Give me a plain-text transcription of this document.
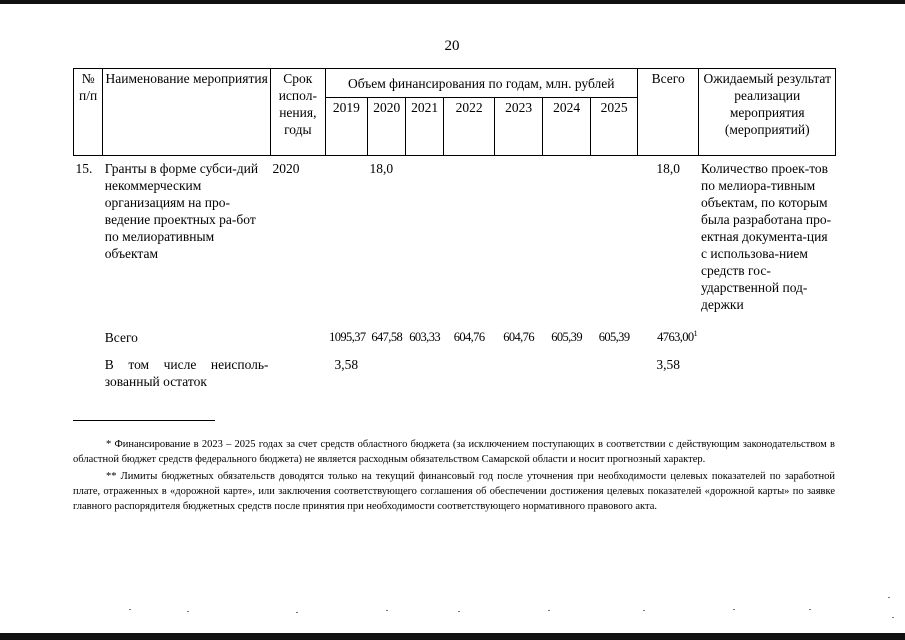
20
№ п/п	Наименование мероприятия	Срок испол-нения, годы	Объем финансирования по годам, млн. рублей							Всего	Ожидаемый результат реализации мероприятия (мероприятий)
			2019	2020	2021	2022	2023	2024	2025		
15.	Гранты в форме субси-дий некоммерческим организациям на про-ведение проектных ра-бот по мелиоративным объектам	2020		18,0						18,0	Количество проек-тов по мелиора-тивным объектам, по которым была разработана про-ектная документа-ция с использова-нием средств гос-ударственной под-держки
	Всего		1095,37	647,58	603,33	604,76	604,76	605,39	605,39	4763,00$^1$	
	В том числе неисполь-зованный остаток		3,58							3,58	

* Финансирование в 2023 – 2025 годах за счет средств областного бюджета (за исключением поступающих в соответствии с действующим законодательством в областной бюджет средств федерального бюджета) не является расходным обязательством Самарской области и носит прогнозный характер.

** Лимиты бюджетных обязательств доводятся только на текущий финансовый год после уточнения при необходимости целевых показателей по заработной плате, отраженных в «дорожной карте», или заключения соответствующего соглашения об обеспечении достижения целевых показателей «дорожной карты» по заявке главного распорядителя бюджетных средств после принятия при необходимости соответствующего нормативного правового акта.
